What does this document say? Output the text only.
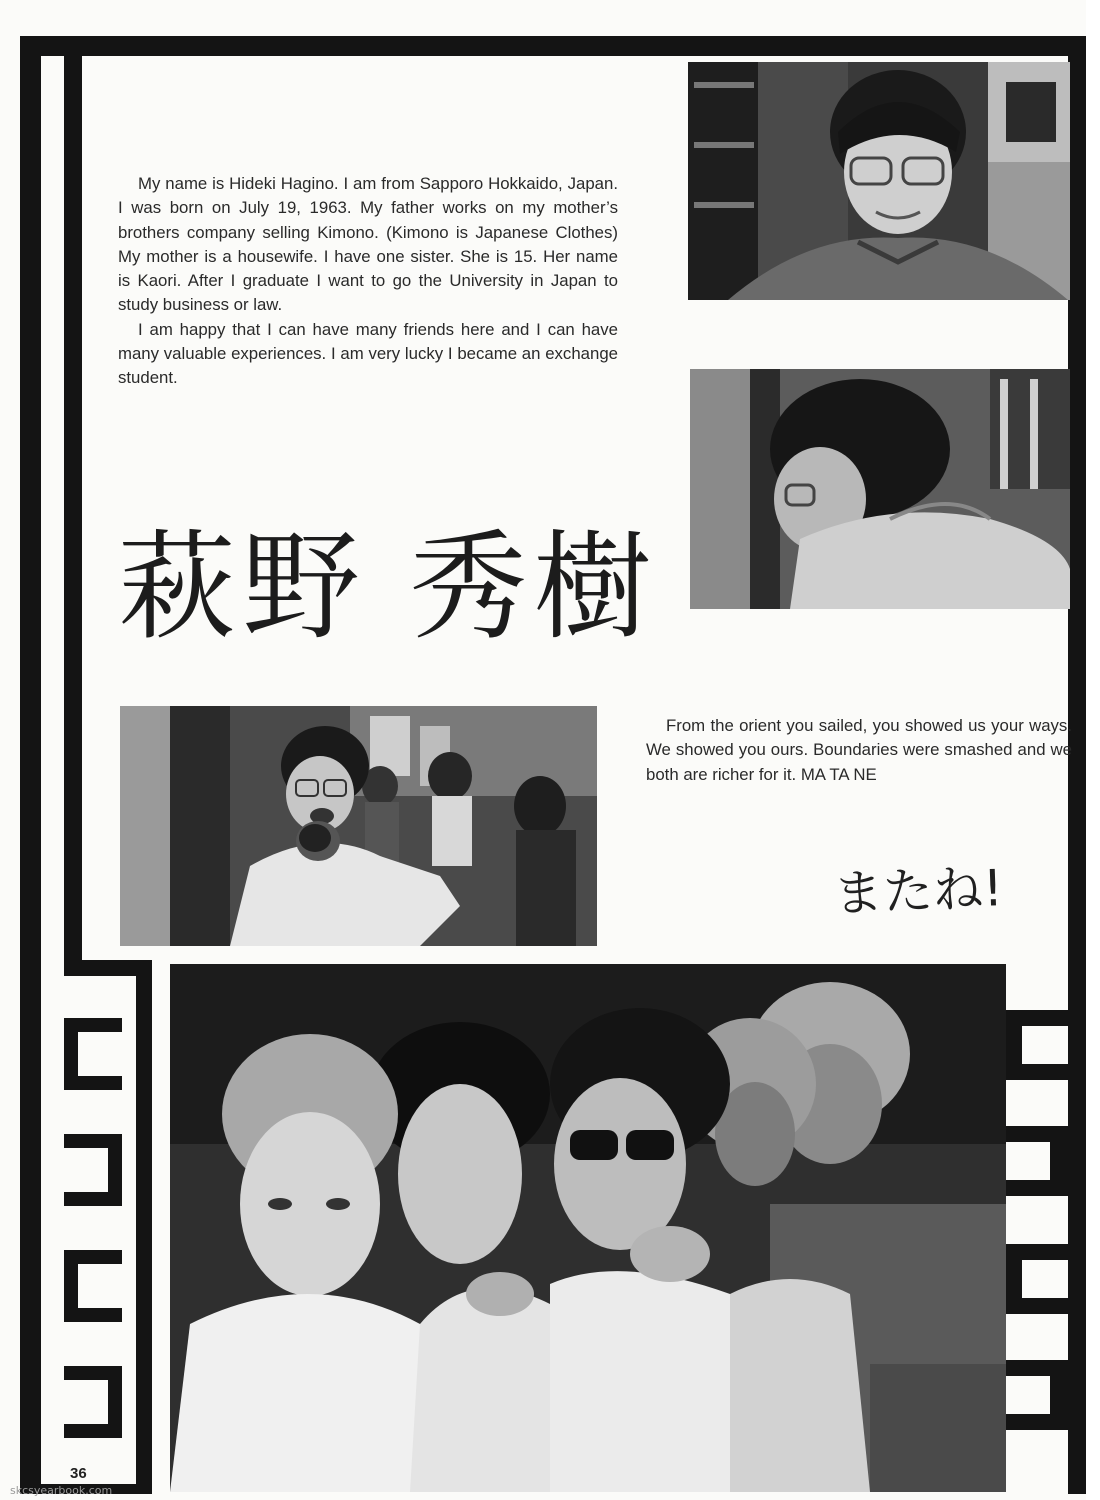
My name is Hideki Hagino. I am from Sapporo Hokkaido, Japan. I was born on July 19, 1963. My father works on my mother’s brothers company selling Kimono. (Kimono is Japanese Clothes) My mother is a housewife. I have one sister. She is 15. Her name is Kaori. After I graduate I want to go the University in Japan to study business or law.

I am happy that I can have many friends here and I can have many valuable experiences. I am very lucky I became an exchange student.

萩野 秀樹

From the orient you sailed, you showed us your ways. We showed you ours. Boundaries were smashed and we both are richer for it. MA TA NE

またね!
36
skcsyearbook.com
